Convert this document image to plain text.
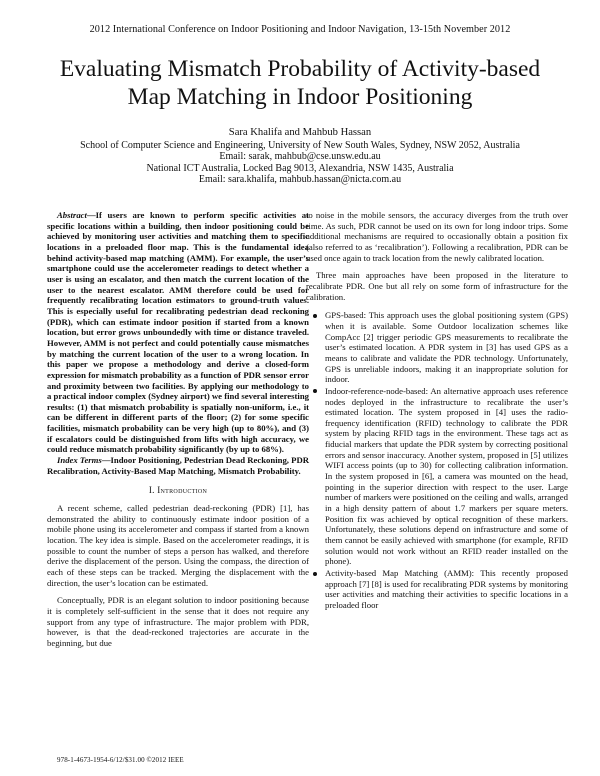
2012 International Conference on Indoor Positioning and Indoor Navigation, 13-15th November 2012
Evaluating Mismatch Probability of Activity-based Map Matching in Indoor Positioning
Sara Khalifa and Mahbub Hassan
School of Computer Science and Engineering, University of New South Wales, Sydney, NSW 2052, Australia
Email: sarak, mahbub@cse.unsw.edu.au
National ICT Australia, Locked Bag 9013, Alexandria, NSW 1435, Australia
Email: sara.khalifa, mahbub.hassan@nicta.com.au

Abstract—If users are known to perform specific activities at specific locations within a building, then indoor positioning could be achieved by monitoring user activities and matching them to specific locations in a preloaded floor map. This is the fundamental idea behind activity-based map matching (AMM). For example, the user’s smartphone could use the accelerometer readings to detect whether a user is using an escalator, and then match the current location of the user to the nearest escalator. AMM therefore could be used for frequently recalibrating location estimators to ground-truth values. This is especially useful for recalibrating pedestrian dead reckoning (PDR), which can estimate indoor position if started from a known location, but error grows unboundedly with time or distance traveled. However, AMM is not perfect and could potentially cause mismatches by matching the current location of the user to a wrong location. In this paper we propose a methodology and derive a closed-form expression for mismatch probability as a function of PDR sensor error and proximity between two facilities. By applying our methodology to a practical indoor complex (Sydney airport) we find several interesting results: (1) that mismatch probability is spatially non-uniform, i.e., it can be different in different parts of the floor; (2) for some specific facilities, mismatch probability can be very high (up to 80%), and (3) if escalators could be distinguished from lifts with high accuracy, we could reduce mismatch probability significantly (by up to 68%).

Index Terms—Indoor Positioning, Pedestrian Dead Reckoning, PDR Recalibration, Activity-Based Map Matching, Mismatch Probability.

I. Introduction

A recent scheme, called pedestrian dead-reckoning (PDR) [1], has demonstrated the ability to continuously estimate indoor position of a mobile phone using its accelerometer and compass if started from a known location. The key idea is simple. Based on the accelerometer readings, it is possible to count the number of steps a person has walked, and therefore derive the displacement of the person. Using the compass, the direction of each of these steps can be tracked. Merging the displacement with the direction, the user’s location can be estimated.

Conceptually, PDR is an elegant solution to indoor positioning because it is completely self-sufficient in the sense that it does not require any support from any type of infrastructure. The major problem with PDR, however, is that the dead-reckoned trajectories are accurate in the beginning, but due

to noise in the mobile sensors, the accuracy diverges from the truth over time. As such, PDR cannot be used on its own for long indoor trips. Some additional mechanisms are required to occasionally obtain a position fix (also referred to as ‘recalibration’). Following a recalibration, PDR can be used once again to track location from the newly calibrated location.

Three main approaches have been proposed in the literature to recalibrate PDR. One but all rely on some form of infrastructure for the calibration.

GPS-based: This approach uses the global positioning system (GPS) when it is available. Some Outdoor localization schemes like CompAcc [2] trigger periodic GPS measurements to recalibrate the user’s estimated location. A PDR system in [3] has used GPS as a means to calibrate and validate the PDR technology. Unfortunately, GPS is unreliable indoors, making it an inappropriate solution for indoor.
Indoor-reference-node-based: An alternative approach uses reference nodes deployed in the infrastructure to recalibrate the user’s estimated location. The system proposed in [4] uses the radio-frequency identification (RFID) technology to calibrate the PDR system by placing RFID tags in the environment. These tags act as fiducial markers that update the PDR system by correcting positional errors and sensor inaccuracy. Another system, proposed in [5] utilizes WIFI access points (up to 30) for collecting calibration information. In the system proposed in [6], a camera was mounted on the head, pointing in the superior direction with respect to the user. Large number of markers were positioned on the ceiling and walls, arranged in a high density pattern of about 1.7 markers per square meters. Position fix was achieved by optical recognition of these markers. Unfortunately, these solutions depend on infrastructure and some of them cannot be easily achieved with smartphone (for example, RFID solution would not work without an RFID reader installed on the phone).
Activity-based Map Matching (AMM): This recently proposed approach [7] [8] is used for recalibrating PDR systems by monitoring user activities and matching their activities to specific locations in a preloaded floor
978-1-4673-1954-6/12/$31.00 ©2012 IEEE
